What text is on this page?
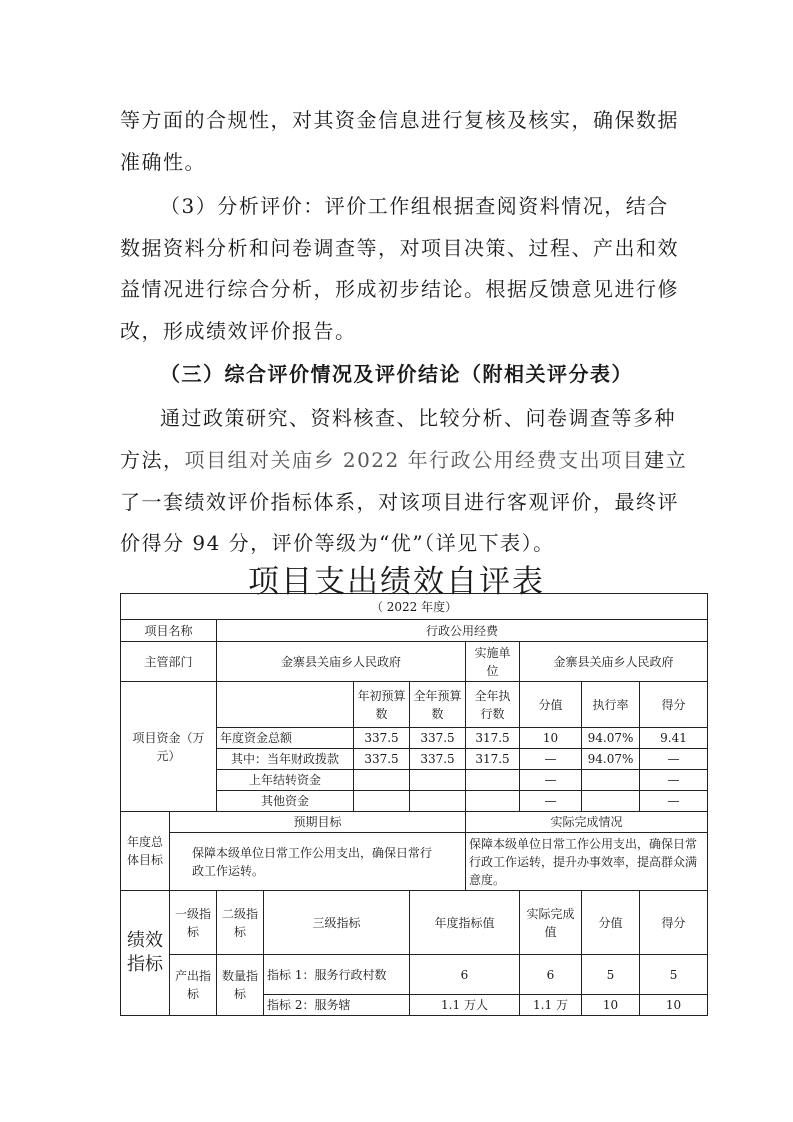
等方面的合规性，对其资金信息进行复核及核实，确保数据
准确性。
（3）分析评价：评价工作组根据查阅资料情况，结合
数据资料分析和问卷调查等，对项目决策、过程、产出和效
益情况进行综合分析，形成初步结论。根据反馈意见进行修
改，形成绩效评价报告。
（三）综合评价情况及评价结论（附相关评分表）
通过政策研究、资料核查、比较分析、问卷调查等多种
方法，项目组对关庙乡 2022 年行政公用经费支出项目建立
了一套绩效评价指标体系，对该项目进行客观评价，最终评
价得分 94 分，评价等级为“优”（详见下表）。
项目支出绩效自评表
（ 2022 年度）										
项目名称		行政公用经费								
主管部门		金寨县关庙乡人民政府				实施单位	金寨县关庙乡人民政府			
项目资金（万元）				年初预算数	全年预算数	全年执行数	分值	执行率	得分	
		年度资金总额		337.5	337.5	317.5	10	94.07%	9.41	
		其中：当年财政拨款		337.5	337.5	317.5	—	94.07%	—	
		上年结转资金					—		—	
		其他资金					—		—	
年度总体目标	预期目标					实际完成情况				
	保障本级单位日常工作公用支出，确保日常行政工作运转。					保障本级单位日常工作公用支出，确保日常行政工作运转，提升办事效率，提高群众满意度。				
绩效指标	一级指标	二级指标	三级指标		年度指标值		实际完成值	分值	得分	
	产出指标	数量指标	指标 1：服务行政村数		6		6	5	5	
			指标 2：服务辖		1.1 万人		1.1 万	10	10	
